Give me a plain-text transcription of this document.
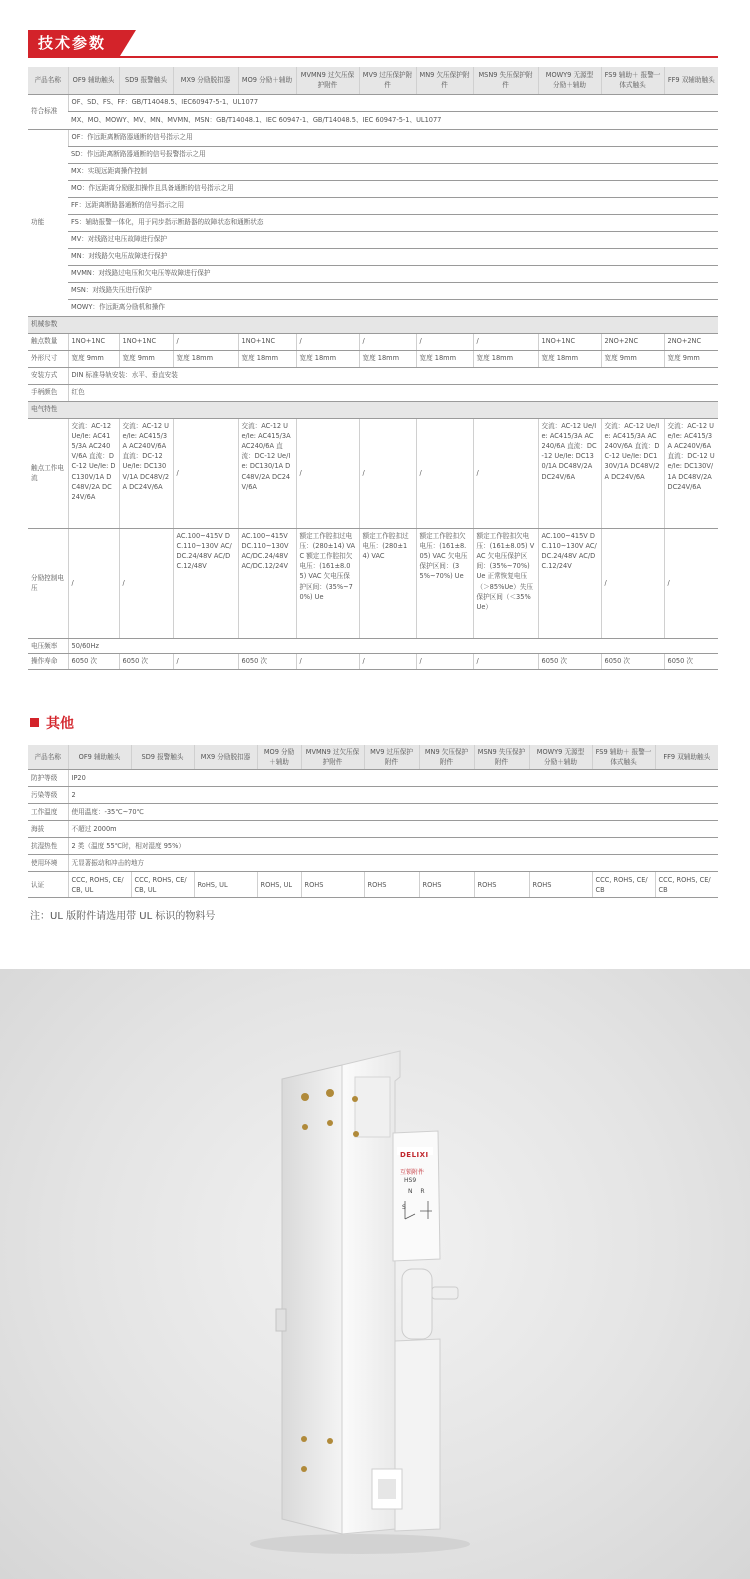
技术参数
产品名称	OF9 辅助触头	SD9 报警触头	MX9 分励脱扣器	MO9 分励＋辅助	MVMN9 过欠压保护附件	MV9 过压保护附件	MN9 欠压保护附件	MSN9 失压保护附件	MOWY9 无源型 分励＋辅助	FS9 辅助＋ 报警一体式触头	FF9 双辅助触头
符合标准	OF、SD、FS、FF：GB/T14048.5、IEC60947-5-1、UL1077										
	MX、MO、MOWY、MV、MN、MVMN、MSN：GB/T14048.1、IEC 60947-1、GB/T14048.5、IEC 60947-5-1、UL1077										
功能	OF：作远距离断路器通断的信号指示之用										
	SD：作远距离断路器通断的信号报警指示之用										
	MX：实现远距离操作控制										
	MO：作远距离分励脱扣操作且具备通断的信号指示之用										
	FF：远距离断路器通断的信号指示之用										
	FS：辅助报警一体化，用于同步指示断路器的故障状态和通断状态										
	MV：对线路过电压故障进行保护										
	MN：对线路欠电压故障进行保护										
	MVMN：对线路过电压和欠电压等故障进行保护										
	MSN：对线路失压进行保护										
	MOWY：作远距离分励机和操作										
机械参数											
触点数量	1NO+1NC	1NO+1NC	/	1NO+1NC	/	/	/	/	1NO+1NC	2NO+2NC	2NO+2NC
外形尺寸	宽度 9mm	宽度 9mm	宽度 18mm	宽度 18mm	宽度 18mm	宽度 18mm	宽度 18mm	宽度 18mm	宽度 18mm	宽度 9mm	宽度 9mm
安装方式	DIN 标准导轨安装：水平、垂直安装										
手柄颜色	红色										
电气特性											
触点工作电流	交流：AC-12 Ue/Ie: AC415/3A AC240V/6A 直流：DC-12 Ue/Ie: DC130V/1A DC48V/2A DC24V/6A	交流：AC-12 Ue/Ie: AC415/3A AC240V/6A 直流：DC-12 Ue/Ie: DC130V/1A DC48V/2A DC24V/6A	/	交流：AC-12 Ue/Ie: AC415/3A AC240/6A 直流：DC-12 Ue/Ie: DC130/1A DC48V/2A DC24V/6A	/	/	/	/	交流：AC-12 Ue/Ie: AC415/3A AC240/6A 直流：DC-12 Ue/Ie: DC130/1A DC48V/2A DC24V/6A	交流：AC-12 Ue/Ie: AC415/3A AC240V/6A 直流：DC-12 Ue/Ie: DC130V/1A DC48V/2A DC24V/6A	交流：AC-12 Ue/Ie: AC415/3A AC240V/6A 直流：DC-12 Ue/Ie: DC130V/1A DC48V/2A DC24V/6A
分励控制电压	/	/	AC.100~415V DC.110~130V AC/DC.24/48V AC/DC.12/48V	AC.100~415V DC.110~130V AC/DC.24/48V AC/DC.12/24V	额定工作腔扣过电压：(280±14) VAC 额定工作腔扣欠电压：(161±8.05) VAC 欠电压保护区间：(35%~70%) Ue	额定工作腔扣过电压：(280±14) VAC	额定工作腔扣欠电压：(161±8.05) VAC 欠电压保护区间：(35%~70%) Ue	额定工作腔扣欠电压：(161±8.05) VAC 欠电压保护区间：(35%~70%) Ue 正常恢复电压（＞85%Ue）失压保护区间（＜35%Ue）	AC.100~415V DC.110~130V AC/DC.24/48V AC/DC.12/24V	/	/
电压频率	50/60Hz										
操作寿命	6050 次	6050 次	/	6050 次	/	/	/	/	6050 次	6050 次	6050 次
其他
产品名称	OF9 辅助触头	SD9 报警触头	MX9 分励脱扣器	MO9 分励 ＋辅助	MVMN9 过欠压保护附件	MV9 过压保护附件	MN9 欠压保护附件	MSN9 失压保护附件	MOWY9 无源型 分励＋辅助	FS9 辅助＋ 报警一体式触头	FF9 双辅助触头
防护等级	IP20										
污染等级	2										
工作温度	使用温度：-35℃~70℃										
海拔	不超过 2000m										
抗湿热性	2 类（温度 55℃时，相对湿度 95%）										
使用环境	无显著振动和冲击的地方										
认证	CCC, ROHS, CE/CB, UL	CCC, ROHS, CE/CB, UL	RoHS, UL	ROHS, UL	ROHS	ROHS	ROHS	ROHS	ROHS	CCC, ROHS, CE/CB	CCC, ROHS, CE/CB
注：UL 版附件请选用带 UL 标识的物料号
DELIXI
互锁附件
HS9
N R
S
